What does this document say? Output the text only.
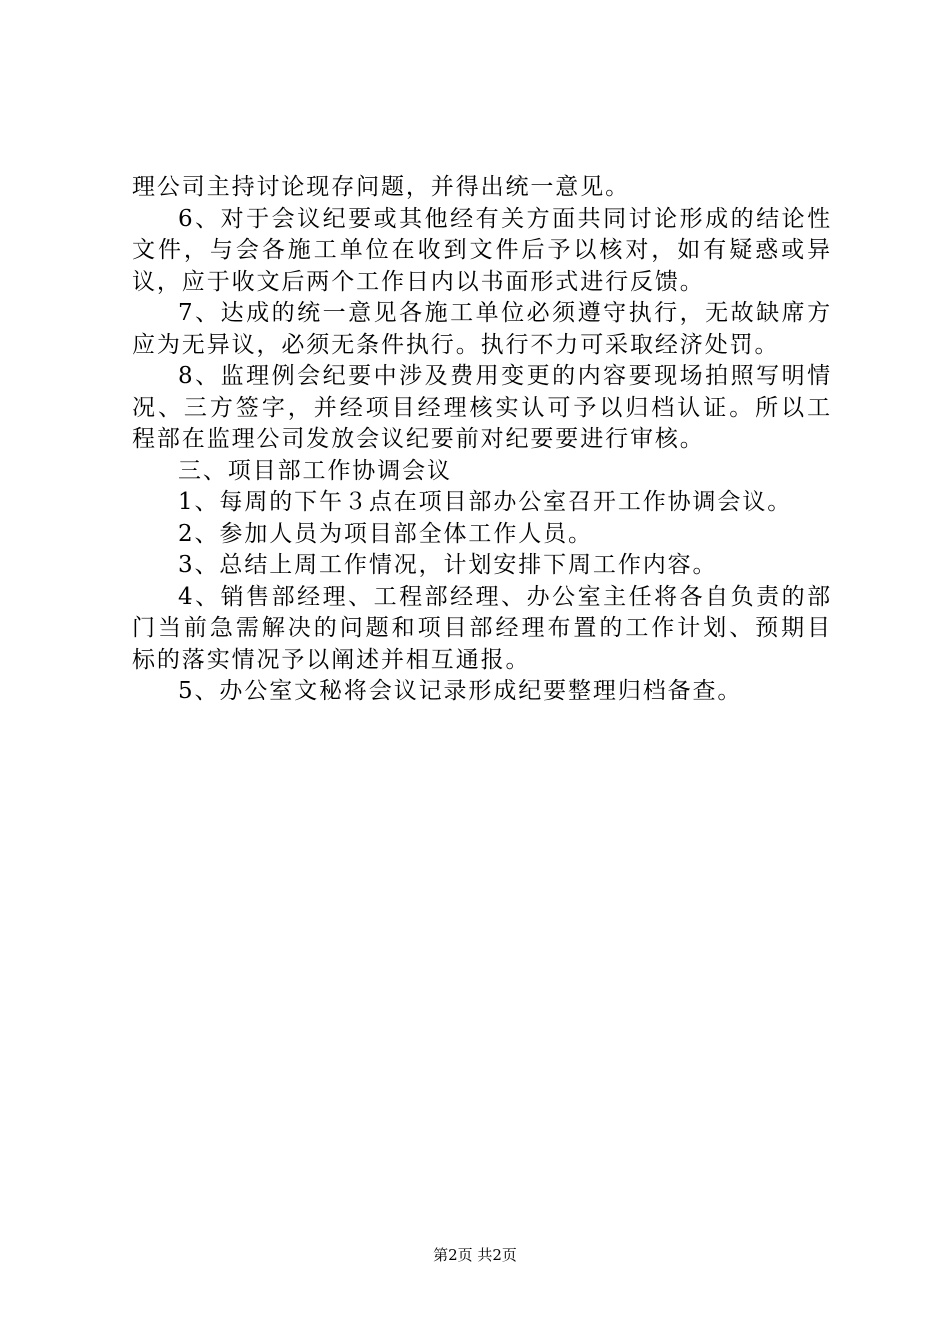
理公司主持讨论现存问题，并得出统一意见。
6、对于会议纪要或其他经有关方面共同讨论形成的结论性
文件，与会各施工单位在收到文件后予以核对，如有疑惑或异
议，应于收文后两个工作日内以书面形式进行反馈。
7、达成的统一意见各施工单位必须遵守执行，无故缺席方
应为无异议，必须无条件执行。执行不力可采取经济处罚。
8、监理例会纪要中涉及费用变更的内容要现场拍照写明情
况、三方签字，并经项目经理核实认可予以归档认证。所以工
程部在监理公司发放会议纪要前对纪要要进行审核。
三、项目部工作协调会议
1、每周的下午３点在项目部办公室召开工作协调会议。
2、参加人员为项目部全体工作人员。
3、总结上周工作情况，计划安排下周工作内容。
4、销售部经理、工程部经理、办公室主任将各自负责的部
门当前急需解决的问题和项目部经理布置的工作计划、预期目
标的落实情况予以阐述并相互通报。
5、办公室文秘将会议记录形成纪要整理归档备查。
第2页 共2页
